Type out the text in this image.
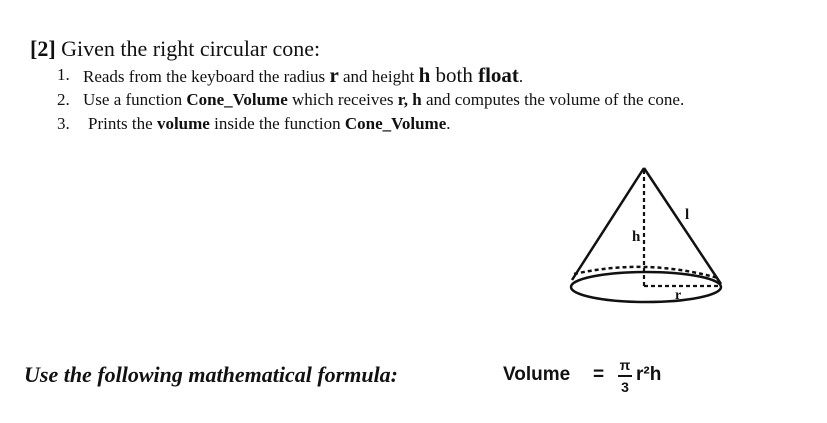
[2] Given the right circular cone:
1. Reads from the keyboard the radius r and height h both float.
2. Use a function Cone_Volume which receives r, h and computes the volume of the cone.
3. Prints the volume inside the function Cone_Volume.
h
l
r
Use the following mathematical formula:	Volume = π
3
r²h
